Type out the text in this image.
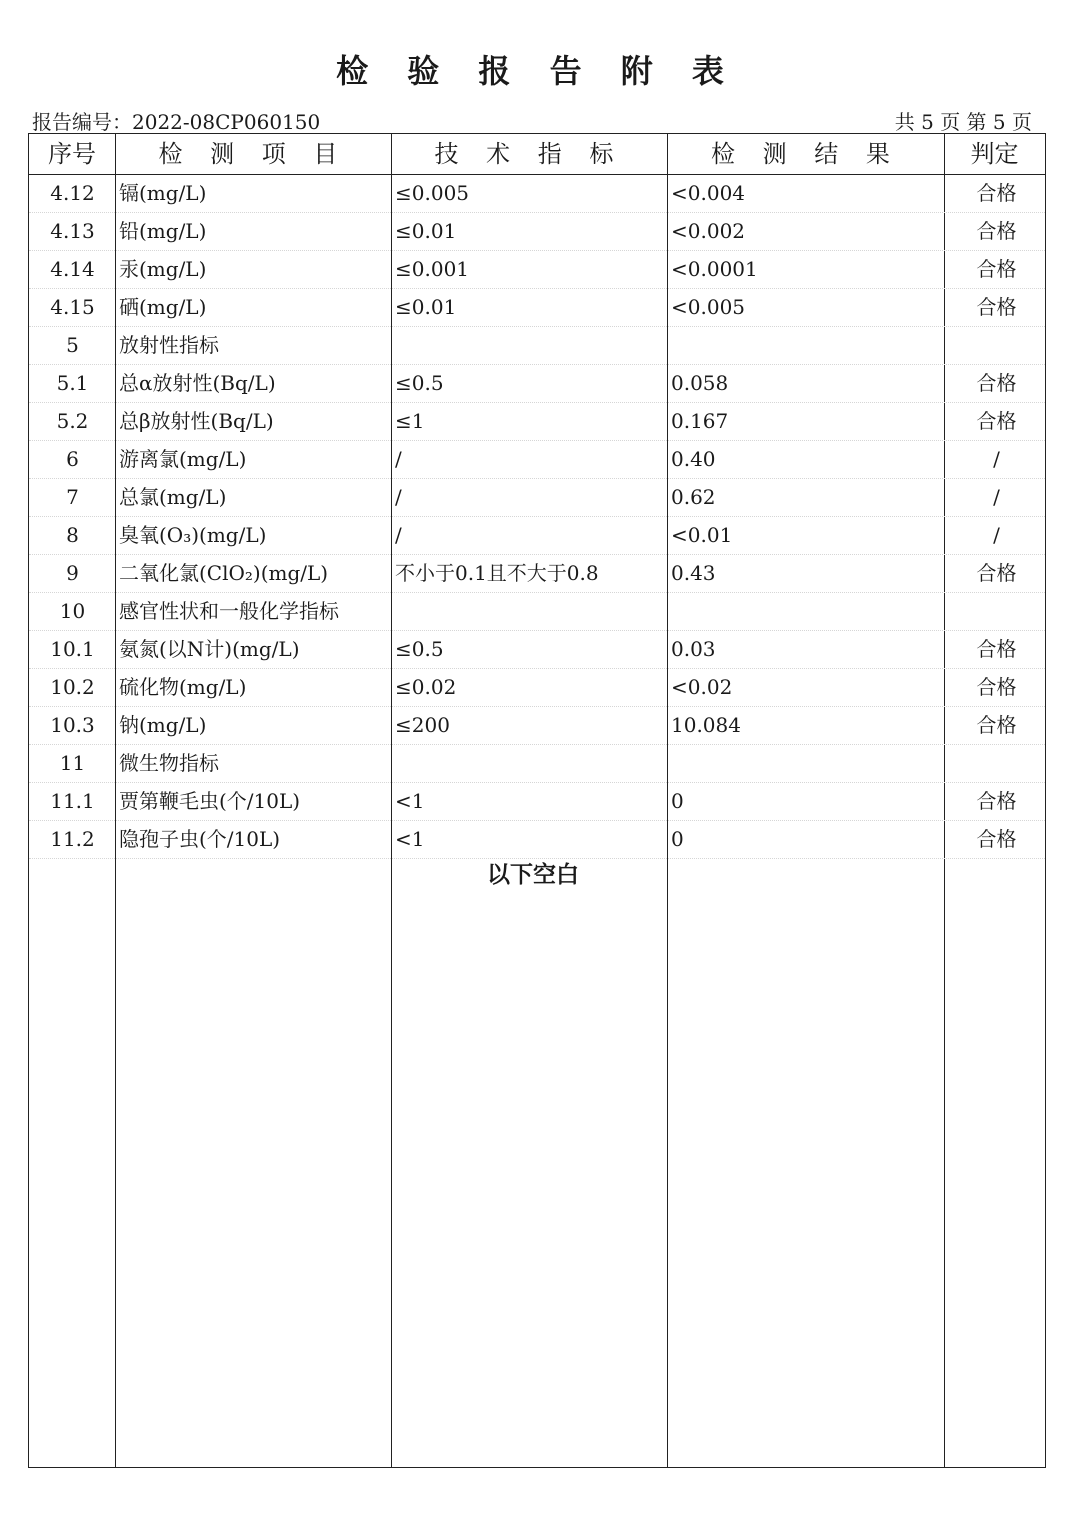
检 验 报 告 附 表
报告编号：2022-08CP060150	共 5 页 第 5 页
序号	检 测 项 目	技 术 指 标	检 测 结 果	判定
4.12	镉(mg/L)	≤0.005	<0.004	合格
4.13	铅(mg/L)	≤0.01	<0.002	合格
4.14	汞(mg/L)	≤0.001	<0.0001	合格
4.15	硒(mg/L)	≤0.01	<0.005	合格
5	放射性指标
5.1	总α放射性(Bq/L)	≤0.5	0.058	合格
5.2	总β放射性(Bq/L)	≤1	0.167	合格
6	游离氯(mg/L)	/	0.40	/
7	总氯(mg/L)	/	0.62	/
8	臭氧(O₃)(mg/L)	/	<0.01	/
9	二氧化氯(ClO₂)(mg/L)	不小于0.1且不大于0.8	0.43	合格
10	感官性状和一般化学指标
10.1	氨氮(以N计)(mg/L)	≤0.5	0.03	合格
10.2	硫化物(mg/L)	≤0.02	<0.02	合格
10.3	钠(mg/L)	≤200	10.084	合格
11	微生物指标
11.1	贾第鞭毛虫(个/10L)	<1	0	合格
11.2	隐孢子虫(个/10L)	<1	0	合格
以下空白
